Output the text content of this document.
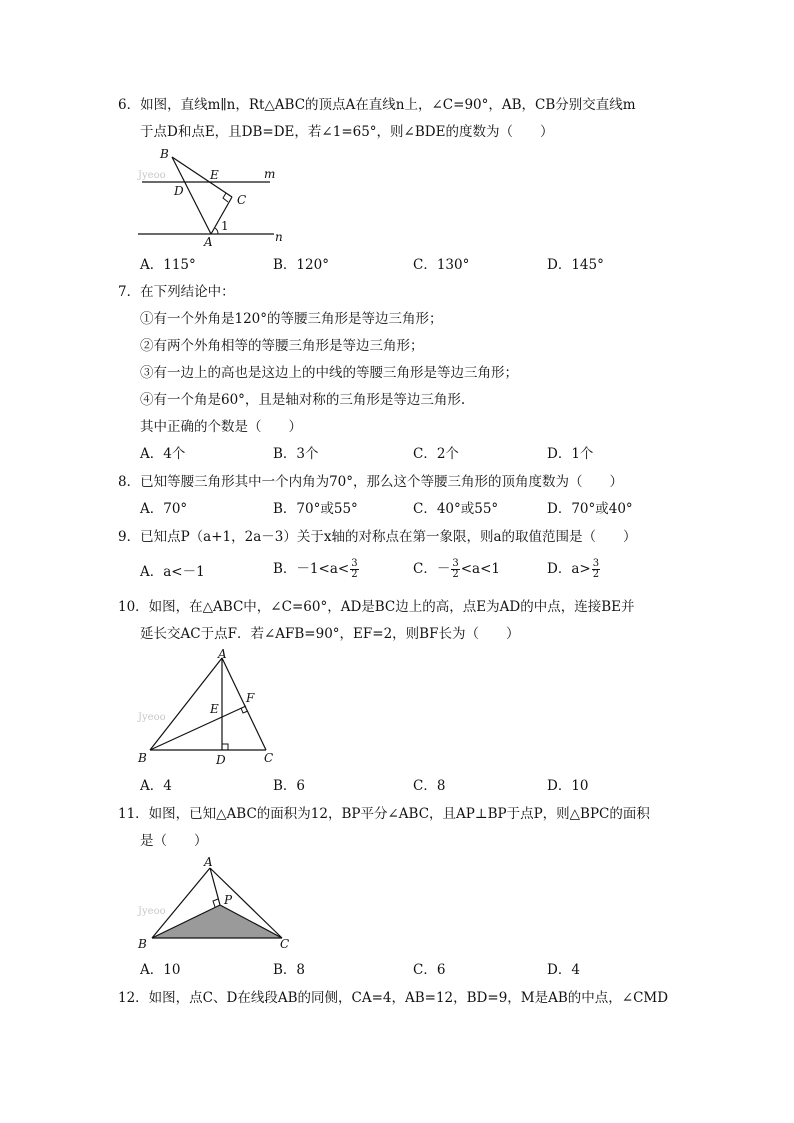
6．如图，直线m∥n，Rt△ABC的顶点A在直线n上，∠C=90°，AB，CB分别交直线m
于点D和点E，且DB=DE，若∠1=65°，则∠BDE的度数为（　　）
Jyeoo
B
D
E	m
C
A
1
n
A．115°	B．120°	C．130°	D．145°
7．在下列结论中：
①有一个外角是120°的等腰三角形是等边三角形；
②有两个外角相等的等腰三角形是等边三角形；
③有一边上的高也是这边上的中线的等腰三角形是等边三角形；
④有一个角是60°，且是轴对称的三角形是等边三角形.
其中正确的个数是（　　）
A．4个	B．3个	C．2个	D．1个
8．已知等腰三角形其中一个内角为70°，那么这个等腰三角形的顶角度数为（　　）
A．70°	B．70°或55°	C．40°或55°	D．70°或40°
9．已知点P（a+1，2a－3）关于x轴的对称点在第一象限，则a的取值范围是（　　）
A．a<－1	B．$-1<a< \frac{3}{2}$	C．－ $\frac{3}{2} <a<1$	D．$a> \frac{3}{2}$
10．如图，在△ABC中，∠C=60°，AD是BC边上的高，点E为AD的中点，连接BE并
延长交AC于点F．若∠AFB=90°，EF=2，则BF长为（　　）
Jyeoo
A
F
E
B	D	C
A．4	B．6	C．8	D．10
11．如图，已知△ABC的面积为12，BP平分∠ABC，且AP⊥BP于点P，则△BPC的面积
是（　　）
Jyeoo
A
P
B	C
A．10	B．8	C．6	D．4
12．如图，点C、D在线段AB的同侧，CA=4，AB=12，BD=9，M是AB的中点，∠CMD
